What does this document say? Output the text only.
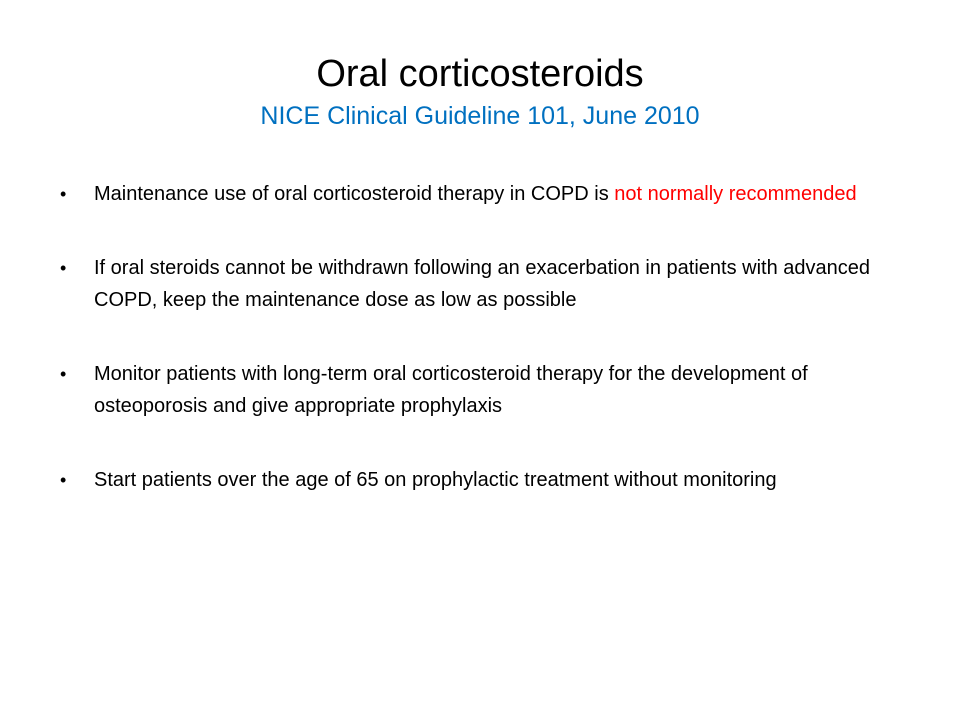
Oral corticosteroids
NICE Clinical Guideline 101, June 2010
•	Maintenance use of oral corticosteroid therapy in COPD is not normally recommended
•	If oral steroids cannot be withdrawn following an exacerbation in patients with advanced COPD, keep the maintenance dose as low as possible
•	Monitor patients with long-term oral corticosteroid therapy for the development of osteoporosis and give appropriate prophylaxis
•	Start patients over the age of 65 on prophylactic treatment without monitoring
